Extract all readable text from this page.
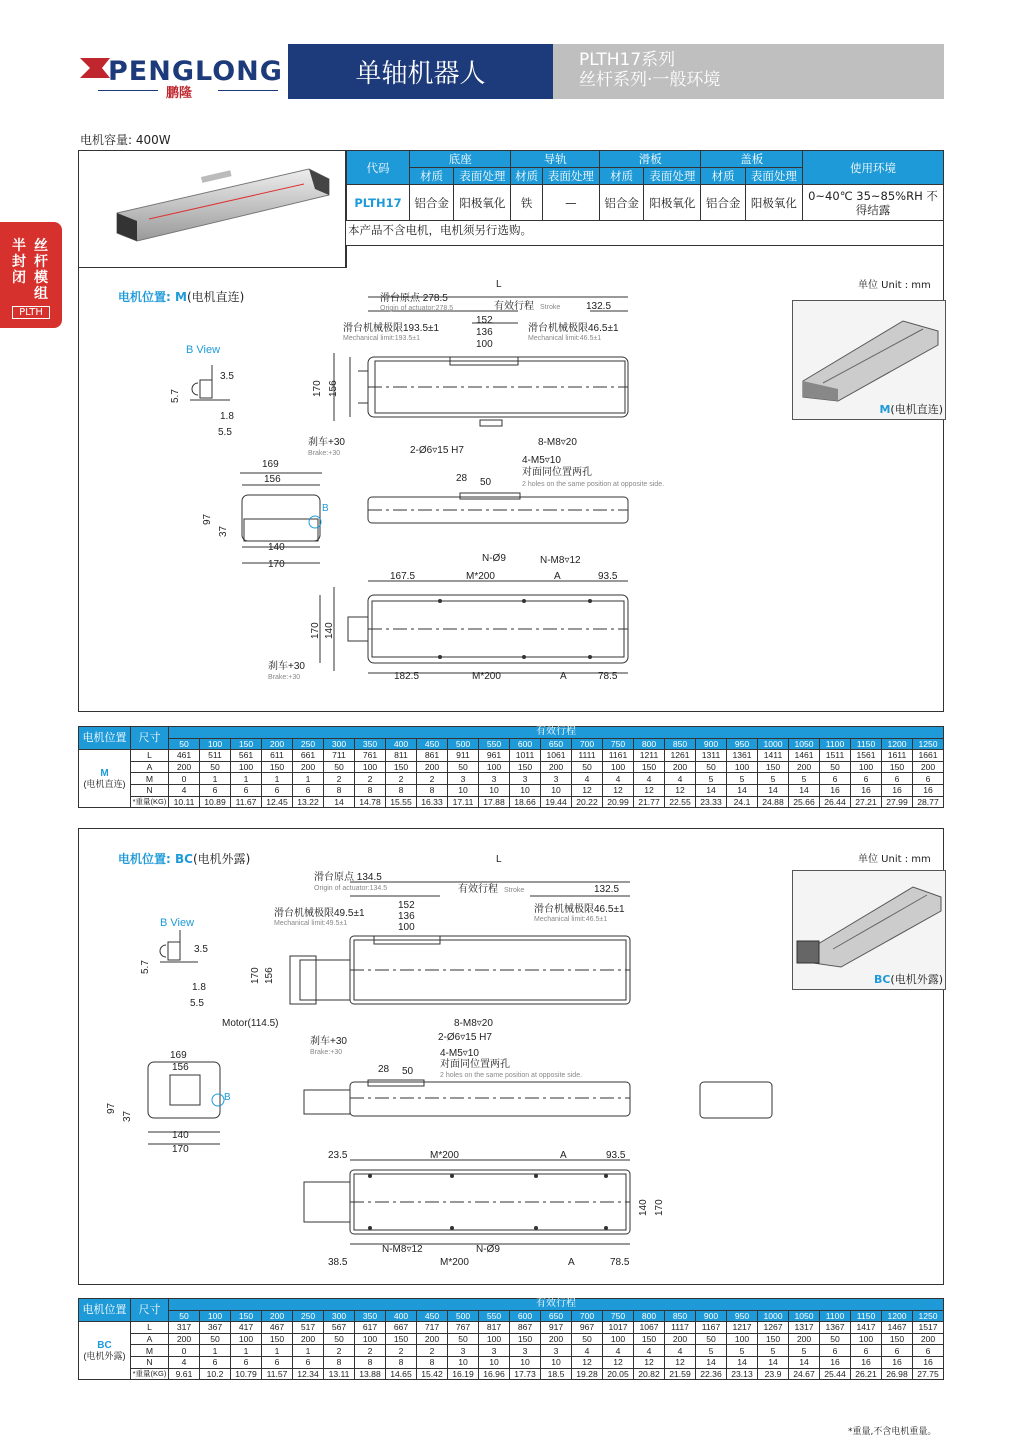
PENGLONG
鹏隆
单轴机器人	PLTH17系列
丝杆系列·一般环境
丝杆模组
半封闭
PLTH
电机容量: 400W
代码	底座		导轨		滑板		盖板		使用环境
	材质	表面处理	材质	表面处理	材质	表面处理	材质	表面处理	
PLTH17	铝合金	阳极氧化	铁	—	铝合金	阳极氧化	铝合金	阳极氧化	0~40℃ 35~85%RH 不得结露
本产品不含电机，电机须另行选购。
电机位置: M(电机直连)
单位 Unit : mm
L
滑台原点 278.5
Origin of actuator:278.5	有效行程 Stroke	132.5
滑台机械极限193.5±1
Mechanical limit:193.5±1
滑台机械极限46.5±1
Mechanical limit:46.5±1
152
136
100
170 156
刹车+30
Brake:+30	2-Ø6▿15 H7
8-M8▿20
4-M5▿10
对面同位置两孔
2 holes on the same position at opposite side.
28 50
B View
3.5
5.7
1.8
5.5
169
156
97
37
140
170
B
167.5	M*200	A	93.5
N-Ø9	N-M8▿12
182.5	M*200	A	78.5
170 140
刹车+30
Brake:+30
M(电机直连)
电机位置	尺寸	有效行程																								
		50	100	150	200	250	300	350	400	450	500	550	600	650	700	750	800	850	900	950	1000	1050	1100	1150	1200	1250

M
(电机直连)	L	461	511	561	611	661	711	761	811	861	911	961	1011	1061	1111	1161	1211	1261	1311	1361	1411	1461	1511	1561	1611	1661
	A	200	50	100	150	200	50	100	150	200	50	100	150	200	50	100	150	200	50	100	150	200	50	100	150	200
	M	0	1	1	1	1	2	2	2	2	3	3	3	3	4	4	4	4	5	5	5	5	6	6	6	6
	N	4	6	6	6	6	8	8	8	8	10	10	10	10	12	12	12	12	14	14	14	14	16	16	16	16
	*重量(KG)	10.11	10.89	11.67	12.45	13.22	14	14.78	15.55	16.33	17.11	17.88	18.66	19.44	20.22	20.99	21.77	22.55	23.33	24.1	24.88	25.66	26.44	27.21	27.99	28.77
电机位置: BC(电机外露)	单位 Unit : mm
L
滑台原点 134.5
Origin of actuator:134.5	有效行程 Stroke	132.5
滑台机械极限49.5±1
Mechanical limit:49.5±1
滑台机械极限46.5±1
Mechanical limit:46.5±1
152
136
100
170 156
Motor(114.5)
刹车+30
Brake:+30
8-M8▿20
2-Ø6▿15 H7
4-M5▿10
对面同位置两孔
2 holes on the same position at opposite side.
28 50
B View
3.5
5.7
1.8
5.5
169
156
97
37
140
170
B
23.5	M*200	A	93.5
N-M8▿12	N-Ø9
38.5	M*200	A	78.5
140 170
BC(电机外露)
电机位置	尺寸	有效行程																								
		50	100	150	200	250	300	350	400	450	500	550	600	650	700	750	800	850	900	950	1000	1050	1100	1150	1200	1250

BC
(电机外露)	L	317	367	417	467	517	567	617	667	717	767	817	867	917	967	1017	1067	1117	1167	1217	1267	1317	1367	1417	1467	1517
	A	200	50	100	150	200	50	100	150	200	50	100	150	200	50	100	150	200	50	100	150	200	50	100	150	200
	M	0	1	1	1	1	2	2	2	2	3	3	3	3	4	4	4	4	5	5	5	5	6	6	6	6
	N	4	6	6	6	6	8	8	8	8	10	10	10	10	12	12	12	12	14	14	14	14	16	16	16	16
	*重量(KG)	9.61	10.2	10.79	11.57	12.34	13.11	13.88	14.65	15.42	16.19	16.96	17.73	18.5	19.28	20.05	20.82	21.59	22.36	23.13	23.9	24.67	25.44	26.21	26.98	27.75
*重量,不含电机重量。
